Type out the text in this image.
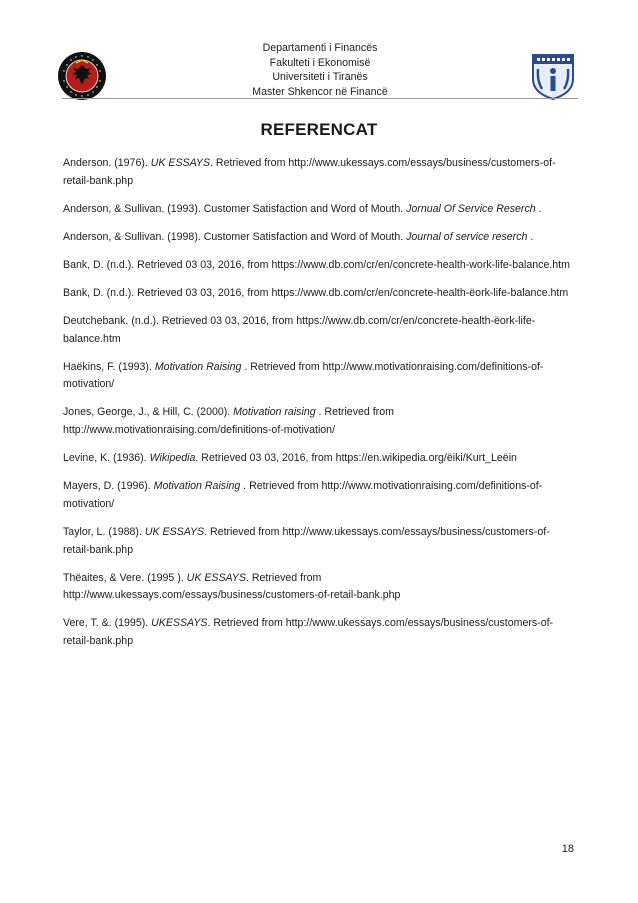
Departamenti i Financës
Fakulteti i Ekonomisë
Universiteti i Tiranës
Master Shkencor në Financë
REFERENCAT

Anderson. (1976). UK ESSAYS. Retrieved from http://www.ukessays.com/essays/business/customers-of-retail-bank.php

Anderson, & Sullivan. (1993). Customer Satisfaction and Word of Mouth. Jornual Of Service Reserch .

Anderson, & Sullivan. (1998). Customer Satisfaction and Word of Mouth. Journal of service reserch .

Bank, D. (n.d.). Retrieved 03 03, 2016, from https://www.db.com/cr/en/concrete-health-work-life-balance.htm

Bank, D. (n.d.). Retrieved 03 03, 2016, from https://www.db.com/cr/en/concrete-health-ëork-life-balance.htm

Deutchebank. (n.d.). Retrieved 03 03, 2016, from https://www.db.com/cr/en/concrete-health-ëork-life-balance.htm

Haëkins, F. (1993). Motivation Raising . Retrieved from http://www.motivationraising.com/definitions-of-motivation/

Jones, George, J., & Hill, C. (2000). Motivation raising . Retrieved from http://www.motivationraising.com/definitions-of-motivation/

Levine, K. (1936). Wikipedia. Retrieved 03 03, 2016, from https://en.wikipedia.org/ëiki/Kurt_Leëin

Mayers, D. (1996). Motivation Raising . Retrieved from http://www.motivationraising.com/definitions-of-motivation/

Taylor, L. (1988). UK ESSAYS. Retrieved from http://www.ukessays.com/essays/business/customers-of-retail-bank.php

Thëaites, & Vere. (1995 ). UK ESSAYS. Retrieved from http://www.ukessays.com/essays/business/customers-of-retail-bank.php

Vere, T. &. (1995). UKESSAYS. Retrieved from http://www.ukessays.com/essays/business/customers-of-retail-bank.php

18
